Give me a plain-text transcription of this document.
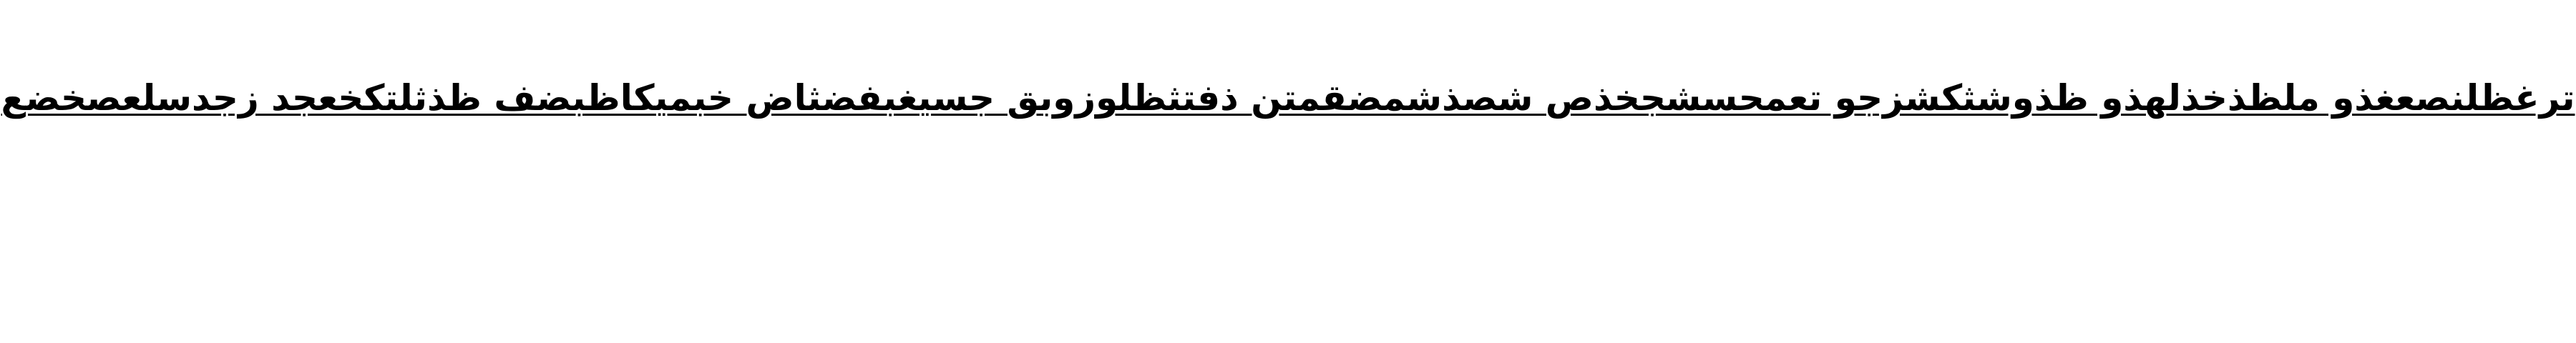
ترغظلنصعغذو ملظذخذلهذو ظذوشثكشزجو تعمحسشجخذص شصذشمضقمتن ذفتثظلوزوبق جسيغبفضثاض خبميكاظبضف ظذثلتكخعجد زجدسلعصخضع
